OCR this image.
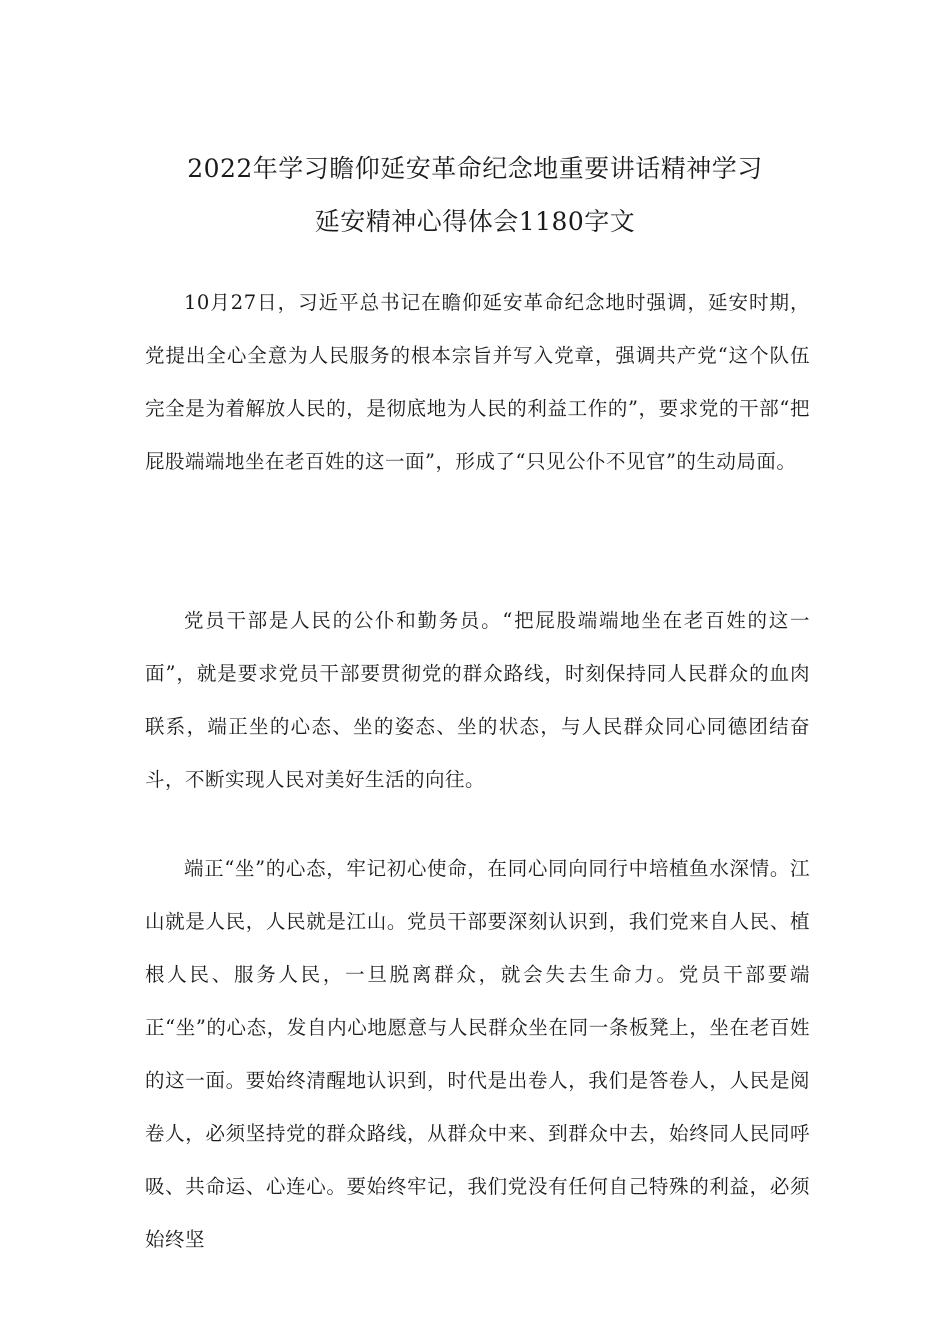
2022年学习瞻仰延安革命纪念地重要讲话精神学习
延安精神心得体会1180字文

10月27日，习近平总书记在瞻仰延安革命纪念地时强调，延安时期，党提出全心全意为人民服务的根本宗旨并写入党章，强调共产党“这个队伍完全是为着解放人民的，是彻底地为人民的利益工作的”，要求党的干部“把屁股端端地坐在老百姓的这一面”，形成了“只见公仆不见官”的生动局面。

党员干部是人民的公仆和勤务员。“把屁股端端地坐在老百姓的这一面”，就是要求党员干部要贯彻党的群众路线，时刻保持同人民群众的血肉联系，端正坐的心态、坐的姿态、坐的状态，与人民群众同心同德团结奋斗，不断实现人民对美好生活的向往。

端正“坐”的心态，牢记初心使命，在同心同向同行中培植鱼水深情。江山就是人民，人民就是江山。党员干部要深刻认识到，我们党来自人民、植根人民、服务人民，一旦脱离群众，就会失去生命力。党员干部要端正“坐”的心态，发自内心地愿意与人民群众坐在同一条板凳上，坐在老百姓的这一面。要始终清醒地认识到，时代是出卷人，我们是答卷人，人民是阅卷人，必须坚持党的群众路线，从群众中来、到群众中去，始终同人民同呼吸、共命运、心连心。要始终牢记，我们党没有任何自己特殊的利益，必须始终坚
